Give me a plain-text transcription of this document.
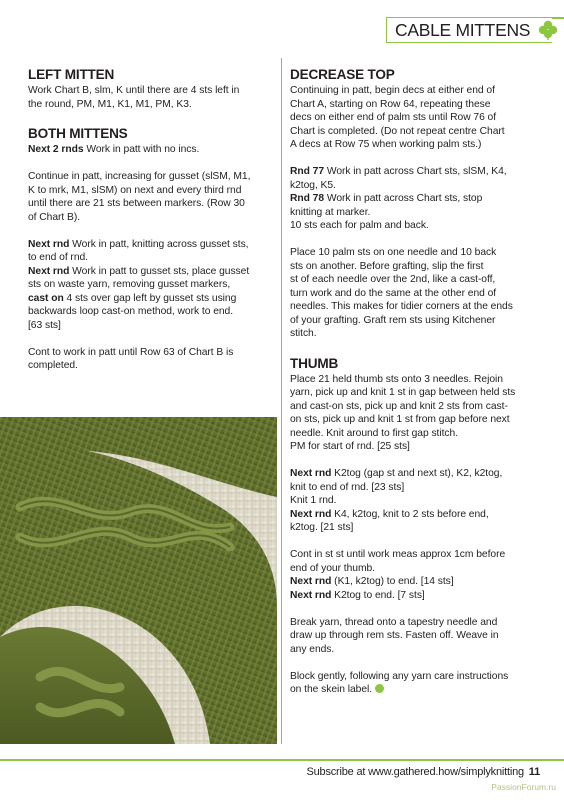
CABLE MITTENS
LEFT MITTEN

Work Chart B, slm, K until there are 4 sts left in
the round, PM, M1, K1, M1, PM, K3.

BOTH MITTENS

Next 2 rnds Work in patt with no incs.

Continue in patt, increasing for gusset (slSM, M1,
K to mrk, M1, slSM) on next and every third rnd
until there are 21 sts between markers. (Row 30
of Chart B).

Next rnd Work in patt, knitting across gusset sts,
to end of rnd.
Next rnd Work in patt to gusset sts, place gusset
sts on waste yarn, removing gusset markers,
cast on 4 sts over gap left by gusset sts using
backwards loop cast-on method, work to end.
[63 sts]

Cont to work in patt until Row 63 of Chart B is
completed.

DECREASE TOP

Continuing in patt, begin decs at either end of
Chart A, starting on Row 64, repeating these
decs on either end of palm sts until Row 76 of
Chart is completed. (Do not repeat centre Chart
A decs at Row 75 when working palm sts.)

Rnd 77 Work in patt across Chart sts, slSM, K4,
k2tog, K5.
Rnd 78 Work in patt across Chart sts, stop
knitting at marker.
10 sts each for palm and back.

Place 10 palm sts on one needle and 10 back
sts on another. Before grafting, slip the first
st of each needle over the 2nd, like a cast-off,
turn work and do the same at the other end of
needles. This makes for tidier corners at the ends
of your grafting. Graft rem sts using Kitchener
stitch.

THUMB

Place 21 held thumb sts onto 3 needles. Rejoin
yarn, pick up and knit 1 st in gap between held sts
and cast-on sts, pick up and knit 2 sts from cast-
on sts, pick up and knit 1 st from gap before next
needle. Knit around to first gap stitch.
PM for start of rnd. [25 sts]

Next rnd K2tog (gap st and next st), K2, k2tog,
knit to end of rnd. [23 sts]
Knit 1 rnd.
Next rnd K4, k2tog, knit to 2 sts before end,
k2tog. [21 sts]

Cont in st st until work meas approx 1cm before
end of your thumb.
Next rnd (K1, k2tog) to end. [14 sts]
Next rnd K2tog to end. [7 sts]

Break yarn, thread onto a tapestry needle and
draw up through rem sts. Fasten off. Weave in
any ends.

Block gently, following any yarn care instructions
on the skein label.

Subscribe at www.gathered.how/simplyknitting 11
PassionForum.ru
